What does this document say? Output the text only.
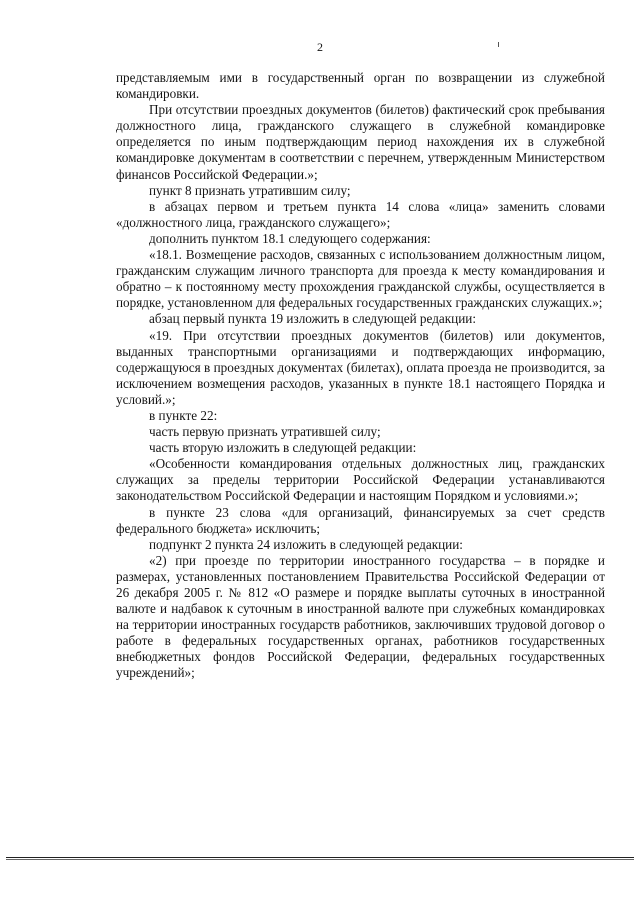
2

представляемым ими в государственный орган по возвращении из служебной командировки.

При отсутствии проездных документов (билетов) фактический срок пребывания должностного лица, гражданского служащего в служебной командировке определяется по иным подтверждающим период нахождения их в служебной командировке документам в соответствии с перечнем, утвержденным Министерством финансов Российской Федерации.»;

пункт 8 признать утратившим силу;

в абзацах первом и третьем пункта 14 слова «лица» заменить словами «должностного лица, гражданского служащего»;

дополнить пунктом 18.1 следующего содержания:

«18.1. Возмещение расходов, связанных с использованием должностным лицом, гражданским служащим личного транспорта для проезда к месту командирования и обратно – к постоянному месту прохождения гражданской службы, осуществляется в порядке, установленном для федеральных государственных гражданских служащих.»;

абзац первый пункта 19 изложить в следующей редакции:

«19. При отсутствии проездных документов (билетов) или документов, выданных транспортными организациями и подтверждающих информацию, содержащуюся в проездных документах (билетах), оплата проезда не производится, за исключением возмещения расходов, указанных в пункте 18.1 настоящего Порядка и условий.»;

в пункте 22:

часть первую признать утратившей силу;

часть вторую изложить в следующей редакции:

«Особенности командирования отдельных должностных лиц, гражданских служащих за пределы территории Российской Федерации устанавливаются законодательством Российской Федерации и настоящим Порядком и условиями.»;

в пункте 23 слова «для организаций, финансируемых за счет средств федерального бюджета» исключить;

подпункт 2 пункта 24 изложить в следующей редакции:

«2) при проезде по территории иностранного государства – в порядке и размерах, установленных постановлением Правительства Российской Федерации от 26 декабря 2005 г. № 812 «О размере и порядке выплаты суточных в иностранной валюте и надбавок к суточным в иностранной валюте при служебных командировках на территории иностранных государств работников, заключивших трудовой договор о работе в федеральных государственных органах, работников государственных внебюджетных фондов Российской Федерации, федеральных государственных учреждений»;
